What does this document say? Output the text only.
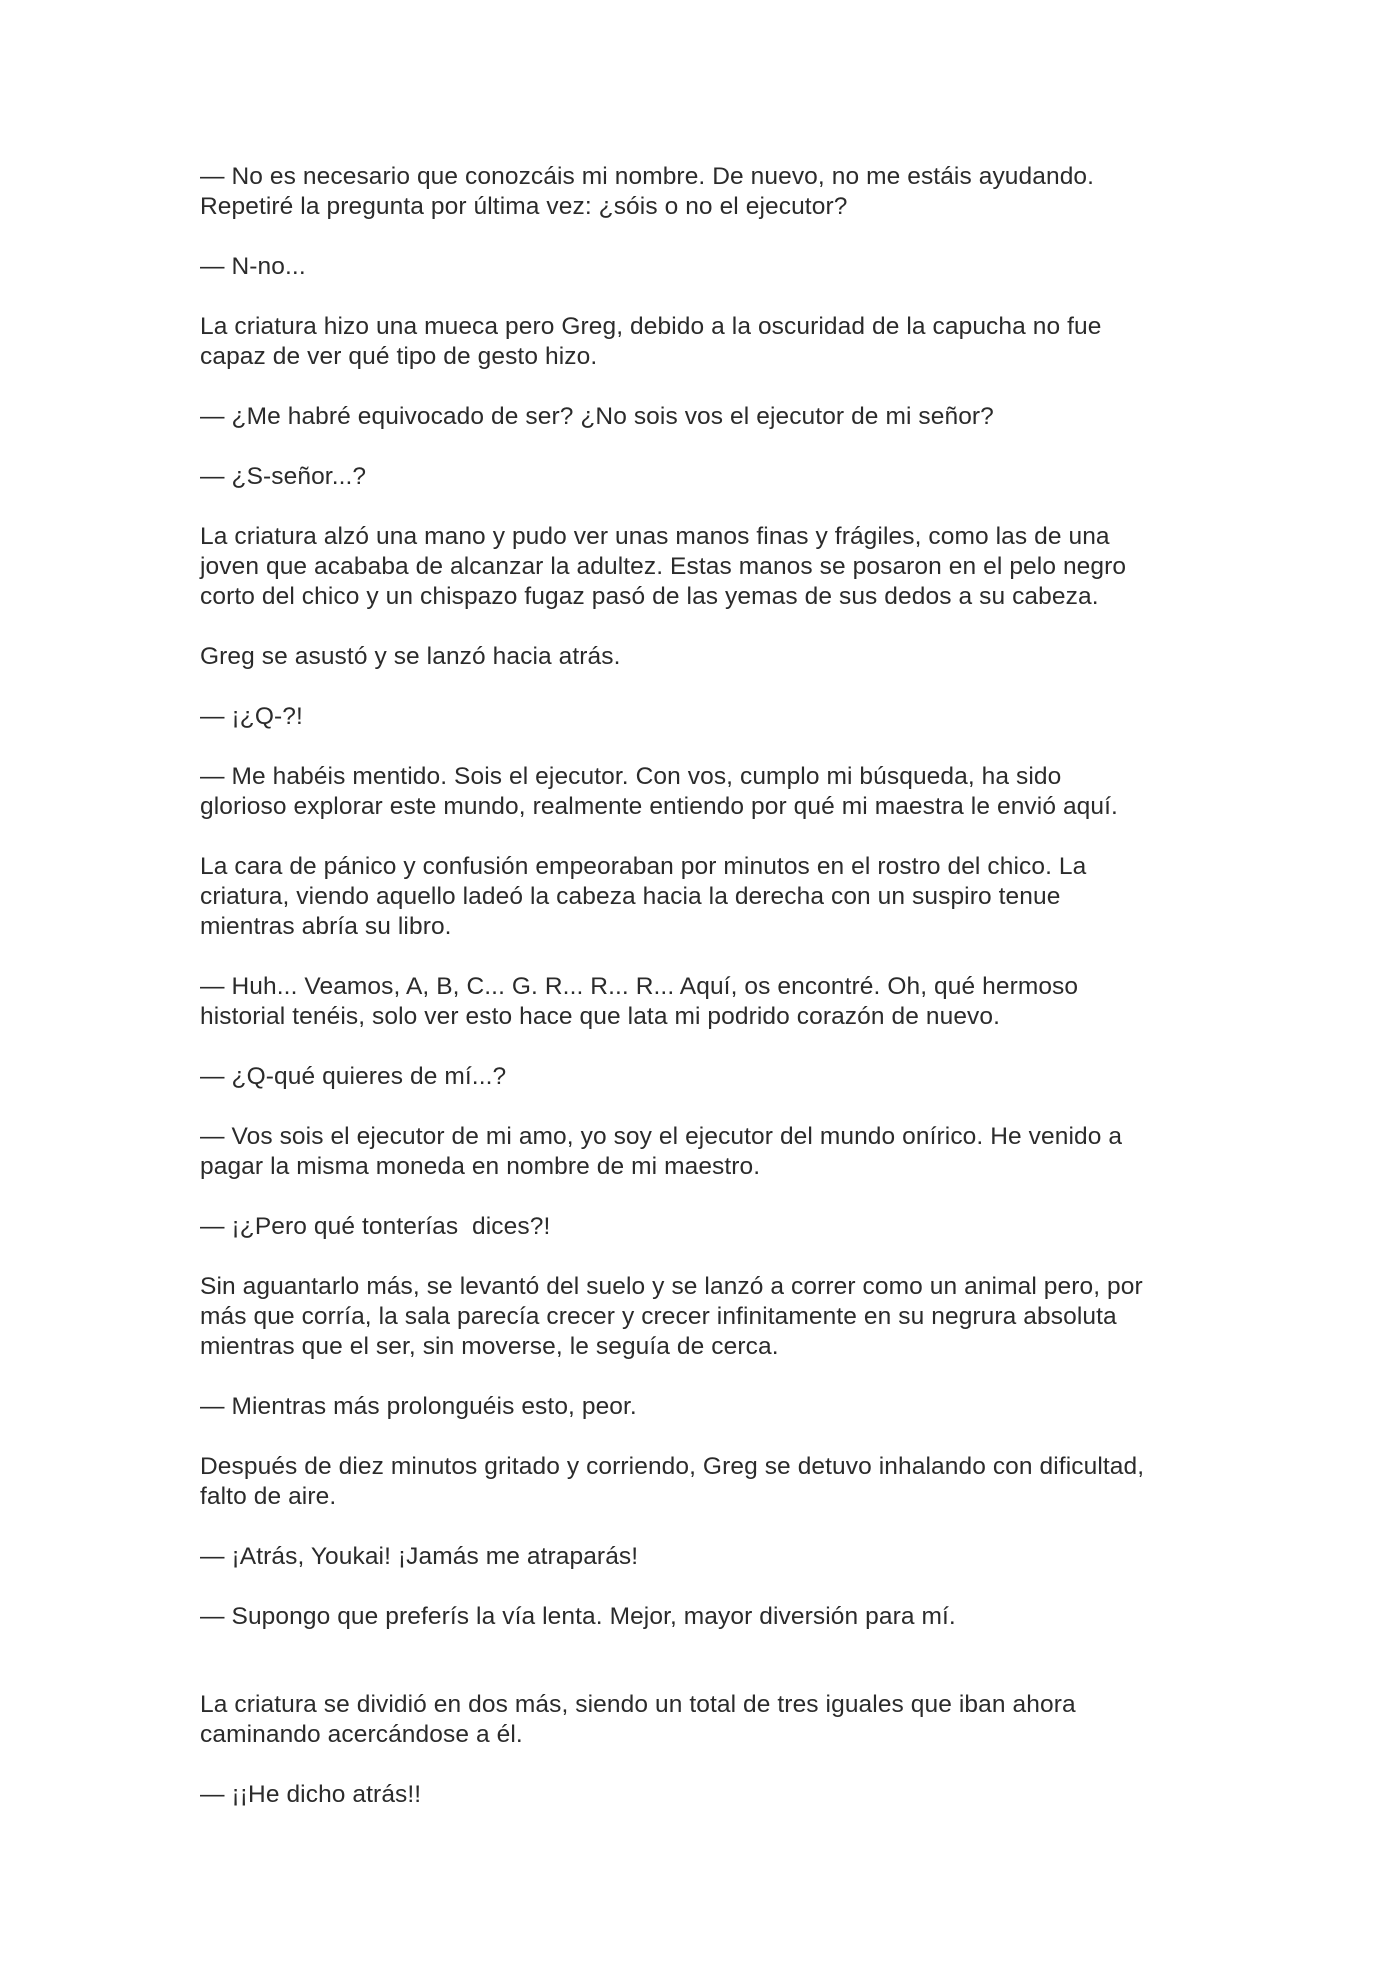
— No es necesario que conozcáis mi nombre. De nuevo, no me estáis ayudando.
Repetiré la pregunta por última vez: ¿sóis o no el ejecutor?

— N-no...

La criatura hizo una mueca pero Greg, debido a la oscuridad de la capucha no fue
capaz de ver qué tipo de gesto hizo.

— ¿Me habré equivocado de ser? ¿No sois vos el ejecutor de mi señor?

— ¿S-señor...?

La criatura alzó una mano y pudo ver unas manos finas y frágiles, como las de una
joven que acababa de alcanzar la adultez. Estas manos se posaron en el pelo negro
corto del chico y un chispazo fugaz pasó de las yemas de sus dedos a su cabeza.

Greg se asustó y se lanzó hacia atrás.

— ¡¿Q-?!

— Me habéis mentido. Sois el ejecutor. Con vos, cumplo mi búsqueda, ha sido
glorioso explorar este mundo, realmente entiendo por qué mi maestra le envió aquí.

La cara de pánico y confusión empeoraban por minutos en el rostro del chico. La
criatura, viendo aquello ladeó la cabeza hacia la derecha con un suspiro tenue
mientras abría su libro.

— Huh... Veamos, A, B, C... G. R... R... R... Aquí, os encontré. Oh, qué hermoso
historial tenéis, solo ver esto hace que lata mi podrido corazón de nuevo.

— ¿Q-qué quieres de mí...?

— Vos sois el ejecutor de mi amo, yo soy el ejecutor del mundo onírico. He venido a
pagar la misma moneda en nombre de mi maestro.

— ¡¿Pero qué tonterías  dices?!

Sin aguantarlo más, se levantó del suelo y se lanzó a correr como un animal pero, por
más que corría, la sala parecía crecer y crecer infinitamente en su negrura absoluta
mientras que el ser, sin moverse, le seguía de cerca.

— Mientras más prolonguéis esto, peor.

Después de diez minutos gritado y corriendo, Greg se detuvo inhalando con dificultad,
falto de aire.

— ¡Atrás, Youkai! ¡Jamás me atraparás!

— Supongo que preferís la vía lenta. Mejor, mayor diversión para mí.

La criatura se dividió en dos más, siendo un total de tres iguales que iban ahora
caminando acercándose a él.

— ¡¡He dicho atrás!!
